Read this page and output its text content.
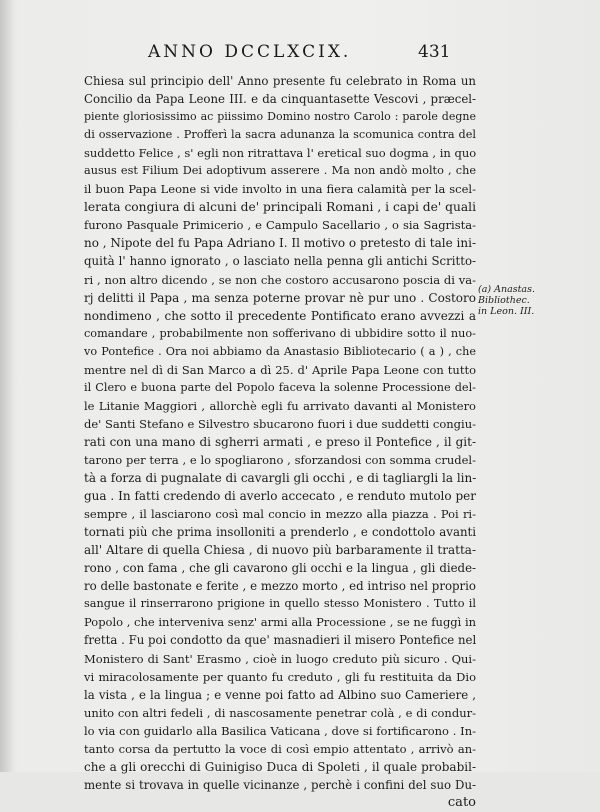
ANNO DCCLXCIX.	431
Chiesa sul principio dell' Anno presente fu celebrato in Roma un
Concilio da Papa Leone III. e da cinquantasette Vescovi , præcel-
piente gloriosissimo ac piissimo Domino nostro Carolo : parole degne
di osservazione . Profferì la sacra adunanza la scomunica contra del
suddetto Felice , s' egli non ritrattava l' eretical suo dogma , in quo
ausus est Filium Dei adoptivum asserere . Ma non andò molto , che
il buon Papa Leone si vide involto in una fiera calamità per la scel-
lerata congiura di alcuni de' principali Romani , i capi de' quali
furono Pasquale Primicerio , e Campulo Sacellario , o sia Sagrista-
no , Nipote del fu Papa Adriano I. Il motivo o pretesto di tale ini-
quità l' hanno ignorato , o lasciato nella penna gli antichi Scritto-
ri , non altro dicendo , se non che costoro accusarono poscia di va-
rj delitti il Papa , ma senza poterne provar nè pur uno . Costoro
nondimeno , che sotto il precedente Pontificato erano avvezzi a
comandare , probabilmente non sofferivano di ubbidire sotto il nuo-
vo Pontefice . Ora noi abbiamo da Anastasio Bibliotecario ( a ) , che
mentre nel dì di San Marco a dì 25. d' Aprile Papa Leone con tutto
il Clero e buona parte del Popolo faceva la solenne Processione del-
le Litanie Maggiori , allorchè egli fu arrivato davanti al Monistero
de' Santi Stefano e Silvestro sbucarono fuori i due suddetti congiu-
rati con una mano di sgherri armati , e preso il Pontefice , il git-
tarono per terra , e lo spogliarono , sforzandosi con somma crudel-
tà a forza di pugnalate di cavargli gli occhi , e di tagliargli la lin-
gua . In fatti credendo di averlo accecato , e renduto mutolo per
sempre , il lasciarono così mal concio in mezzo alla piazza . Poi ri-
tornati più che prima insolloniti a prenderlo , e condottolo avanti
all' Altare di quella Chiesa , di nuovo più barbaramente il tratta-
rono , con fama , che gli cavarono gli occhi e la lingua , gli diede-
ro delle bastonate e ferite , e mezzo morto , ed intriso nel proprio
sangue il rinserrarono prigione in quello stesso Monistero . Tutto il
Popolo , che interveniva senz' armi alla Processione , se ne fuggì in
fretta . Fu poi condotto da que' masnadieri il misero Pontefice nel
Monistero di Sant' Erasmo , cioè in luogo creduto più sicuro . Qui-
vi miracolosamente per quanto fu creduto , gli fu restituita da Dio
la vista , e la lingua ; e venne poi fatto ad Albino suo Cameriere ,
unito con altri fedeli , di nascosamente penetrar colà , e di condur-
lo via con guidarlo alla Basilica Vaticana , dove si fortificarono . In-
tanto corsa da pertutto la voce di così empio attentato , arrivò an-
che a gli orecchi di Guinigiso Duca di Spoleti , il quale probabil-
mente si trovava in quelle vicinanze , perchè i confini del suo Du-
cato
(a) Anastas.
Bibliothec.
in Leon. III.
